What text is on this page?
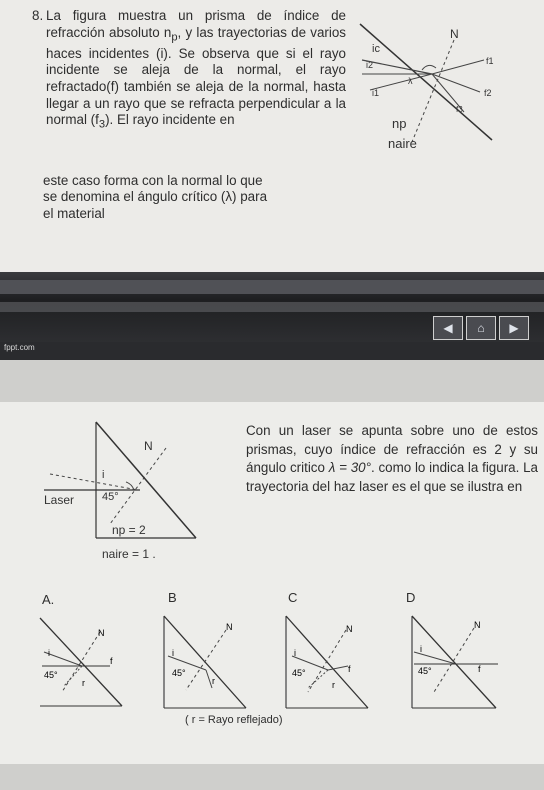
8. La figura muestra un prisma de índice de refracción absoluto $n_p$, y las trayectorias de varios haces incidentes (i). Se observa que si el rayo incidente se aleja de la normal, el rayo refractado(f) también se aleja de la normal, hasta llegar a un rayo que se refracta perpendicular a la normal $(f_3)$. El rayo incidente en

este caso forma con la normal lo que

se denomina el ángulo crítico (λ) para

el material

N
ic
i2
i1
λ
f1
f2
f3
np
naire
◀	⌂	▶
fppt.com
N
i
Laser	45°
np = 2
naire = 1 .

Con un laser se apunta sobre uno de estos prismas, cuyo índice de refracción es 2 y su ángulo critico λ = 30°. como lo indica la figura. La trayectoria del haz laser es el que se ilustra en

A.	B	C	D
N
i
45°
r
f
N
i
45°
r
N
i
45°
r
f
N
i
45°	f
( r = Rayo reflejado)
